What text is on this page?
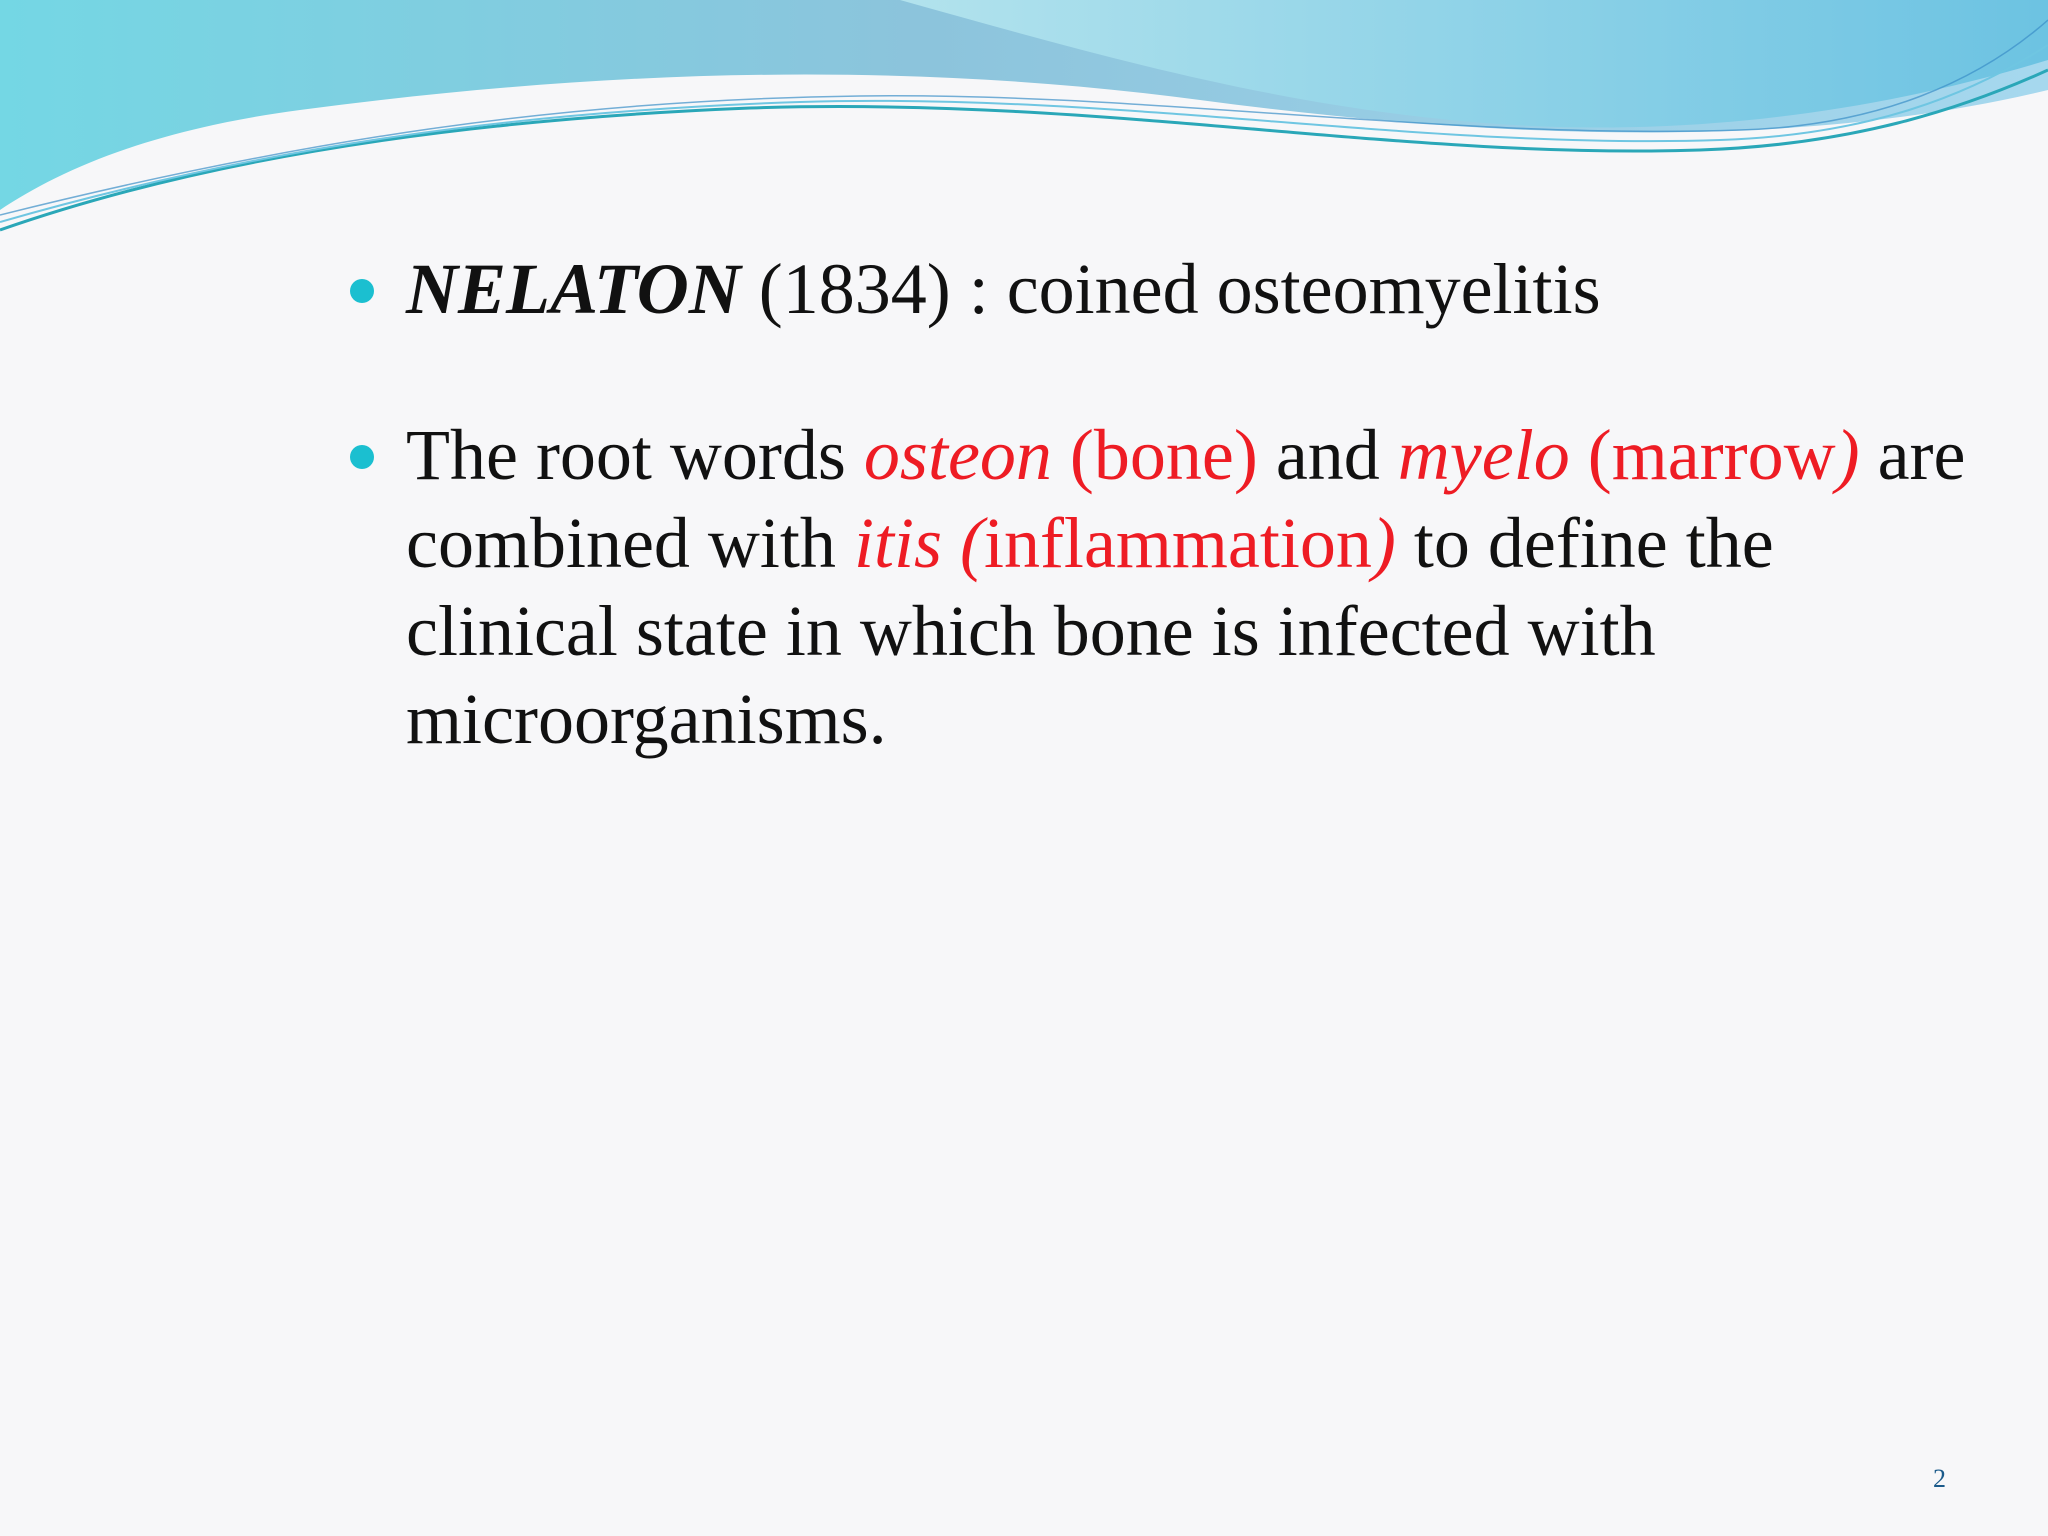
NELATON (1834) : coined osteomyelitis
The root words osteon (bone) and myelo (marrow) are combined with itis (inflammation) to define the clinical state in which bone is infected with microorganisms.
2
